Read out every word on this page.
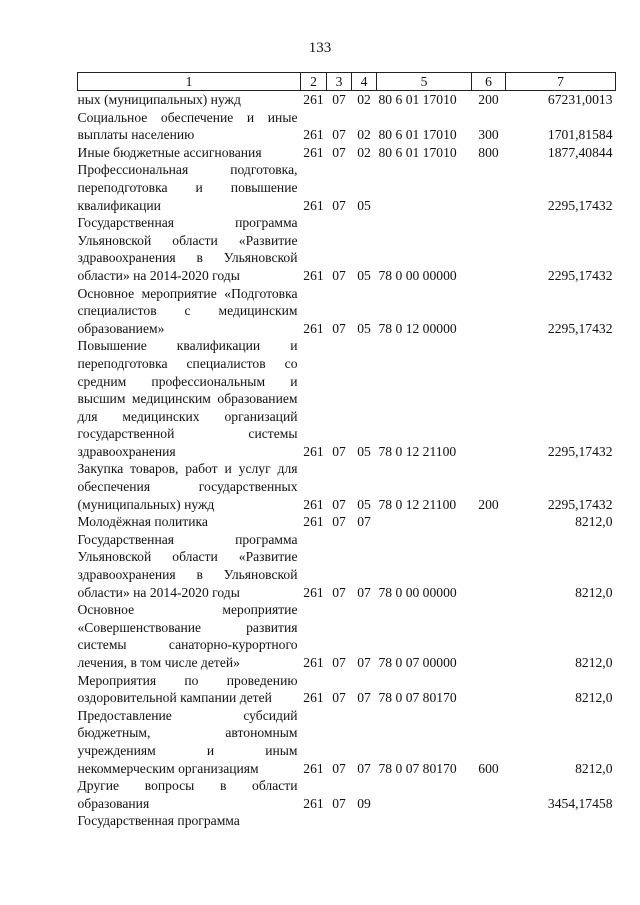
133
1	2	3	4	5	6	7
ных (муниципальных) нужд	261	07	02	80 6 01 17010	200	67231,0013
Социальное обеспечение и иные выплаты населению	261	07	02	80 6 01 17010	300	1701,81584
Иные бюджетные ассигнования	261	07	02	80 6 01 17010	800	1877,40844
Профессиональная подготовка, переподготовка и повышение квалификации	261	07	05			2295,17432
Государственная программа Ульяновской области «Развитие здравоохранения в Ульяновской области» на 2014-2020 годы	261	07	05	78 0 00 00000		2295,17432
Основное мероприятие «Подготовка специалистов с медицинским образованием»	261	07	05	78 0 12 00000		2295,17432
Повышение квалификации и переподготовка специалистов со средним профессиональным и высшим медицинским образованием для медицинских организаций государственной системы здравоохранения	261	07	05	78 0 12 21100		2295,17432
Закупка товаров, работ и услуг для обеспечения государственных (муниципальных) нужд	261	07	05	78 0 12 21100	200	2295,17432
Молодёжная политика	261	07	07			8212,0
Государственная программа Ульяновской области «Развитие здравоохранения в Ульяновской области» на 2014-2020 годы	261	07	07	78 0 00 00000		8212,0
Основное мероприятие «Совершенствование развития системы санаторно-курортного лечения, в том числе детей»	261	07	07	78 0 07 00000		8212,0
Мероприятия по проведению оздоровительной кампании детей	261	07	07	78 0 07 80170		8212,0
Предоставление субсидий бюджетным, автономным учреждениям и иным некоммерческим организациям	261	07	07	78 0 07 80170	600	8212,0
Другие вопросы в области образования	261	07	09			3454,17458
Государственная программа						
